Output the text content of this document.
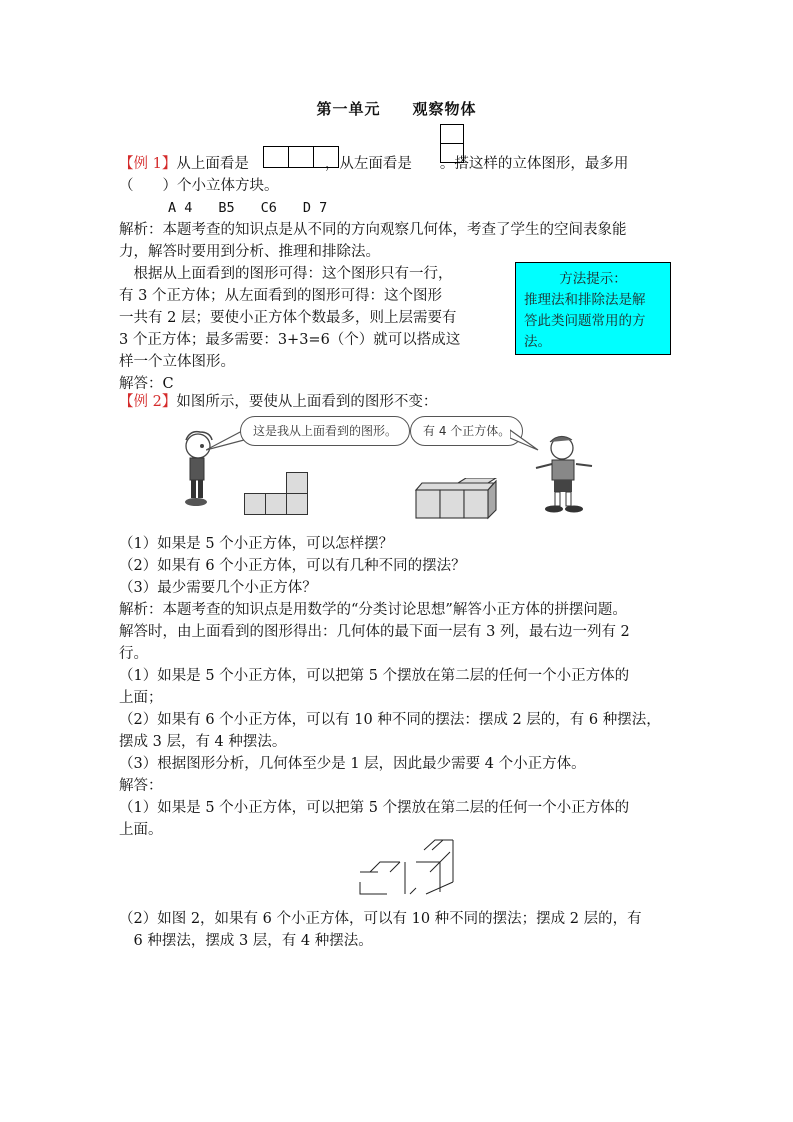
第一单元 观察物体
【例 1】从上面看是	，从左面看是 。搭这样的立体图形，最多用
（　　）个小立体方块。
A 4 B5 C6 D 7
解析：本题考查的知识点是从不同的方向观察几何体，考查了学生的空间表象能
力，解答时要用到分析、推理和排除法。
　根据从上面看到的图形可得：这个图形只有一行，
有 3 个正方体；从左面看到的图形可得：这个图形
一共有 2 层；要使小正方体个数最多，则上层需要有
3 个正方体；最多需要：3+3=6（个）就可以搭成这
样一个立体图形。
解答：C
方法提示：
推理法和排除法是解
答此类问题常用的方
法。
【例 2】如图所示，要使从上面看到的图形不变：
这是我从上面看到的图形。	有 4 个正方体。
（1）如果是 5 个小正方体，可以怎样摆？
（2）如果有 6 个小正方体，可以有几种不同的摆法？
（3）最少需要几个小正方体？
解析：本题考查的知识点是用数学的“分类讨论思想”解答小正方体的拼摆问题。
解答时，由上面看到的图形得出：几何体的最下面一层有 3 列，最右边一列有 2
行。
（1）如果是 5 个小正方体，可以把第 5 个摆放在第二层的任何一个小正方体的
上面；
（2）如果有 6 个小正方体，可以有 10 种不同的摆法：摆成 2 层的，有 6 种摆法，
摆成 3 层，有 4 种摆法。
（3）根据图形分析，几何体至少是 1 层，因此最少需要 4 个小正方体。
解答：
（1）如果是 5 个小正方体，可以把第 5 个摆放在第二层的任何一个小正方体的
上面。
（2）如图 2，如果有 6 个小正方体，可以有 10 种不同的摆法；摆成 2 层的，有
　6 种摆法，摆成 3 层，有 4 种摆法。
